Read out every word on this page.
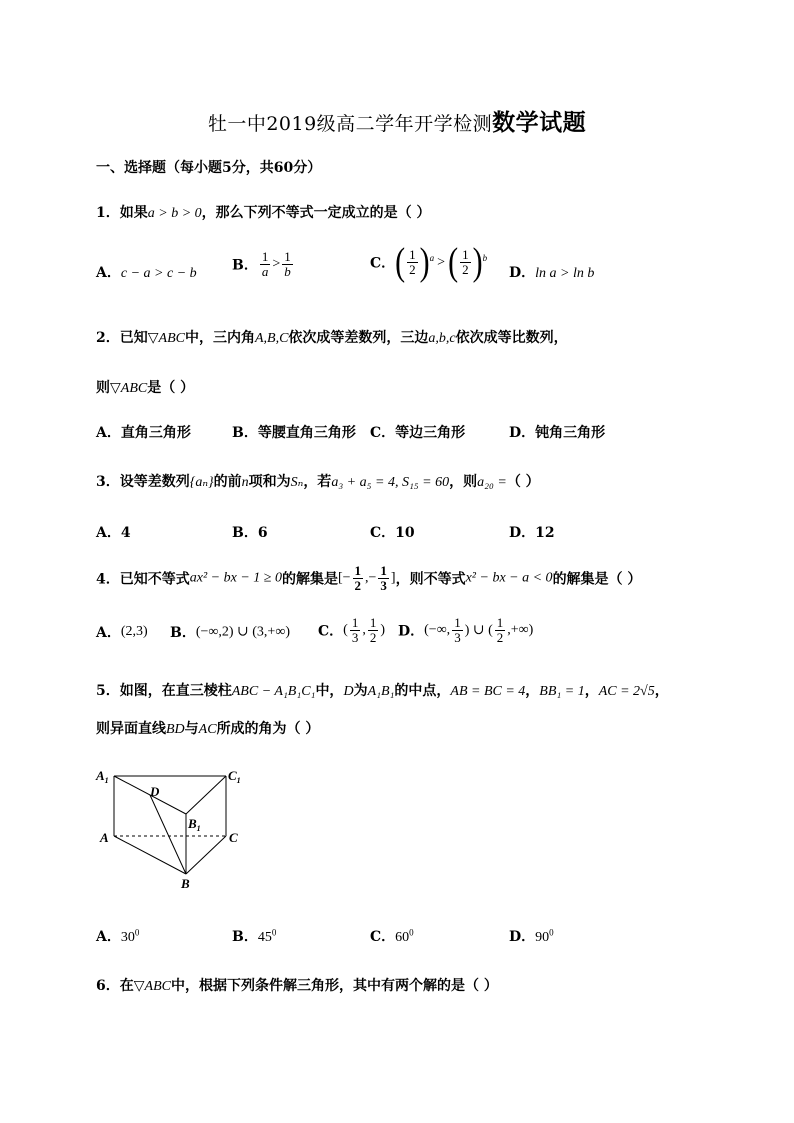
牡一中2019级高二学年开学检测数学试题
一、选择题（每小题5分，共60分）
1．如果a > b > 0，那么下列不等式一定成立的是（ ）
A．c − a > c − b	B． $\frac{1}{a} > \frac{1}{b}$	C．( $\frac{1}{2} )^a$ > ( $\frac{1}{2} )^b$
D．ln a > ln b
2．已知▽ABC中，三内角A,B,C依次成等差数列，三边a,b,c依次成等比数列，
则▽ABC是（ ）
A．直角三角形	B．等腰直角三角形 C．等边三角形	D．钝角三角形
3．设等差数列{aₙ}的前n项和为Sₙ，若a₃ + a₅ = 4, S₁₅ = 60，则a₂₀ =（ ）
A．4	B．6	C．10	D．12
4．已知不等式ax² − bx − 1 ≥ 0的解集是[− $\frac{1}{2}$ ,− $\frac{1}{3}$ ]，则不等式x² − bx − a < 0的解集是（ ）
A．(2,3) B．(−∞,2) ∪ (3,+∞) C．( $\frac{1}{3}$ , $\frac{1}{2}$ ) D．(−∞, $\frac{1}{3}$ ) ∪ ( $\frac{1}{2}$ ,+∞)
5．如图，在直三棱柱ABC − A₁B₁C₁中，D为A₁B₁的中点，AB = BC = 4，BB₁ = 1，AC = 2√5，
则异面直线BD与AC所成的角为（ ）
$A_1$	$C_1$
D
$B_1$
A	C
B
A．$30^0$	B．$45^0$	C．$60^0$	D．$90^0$
6．在▽ABC中，根据下列条件解三角形，其中有两个解的是（ ）
